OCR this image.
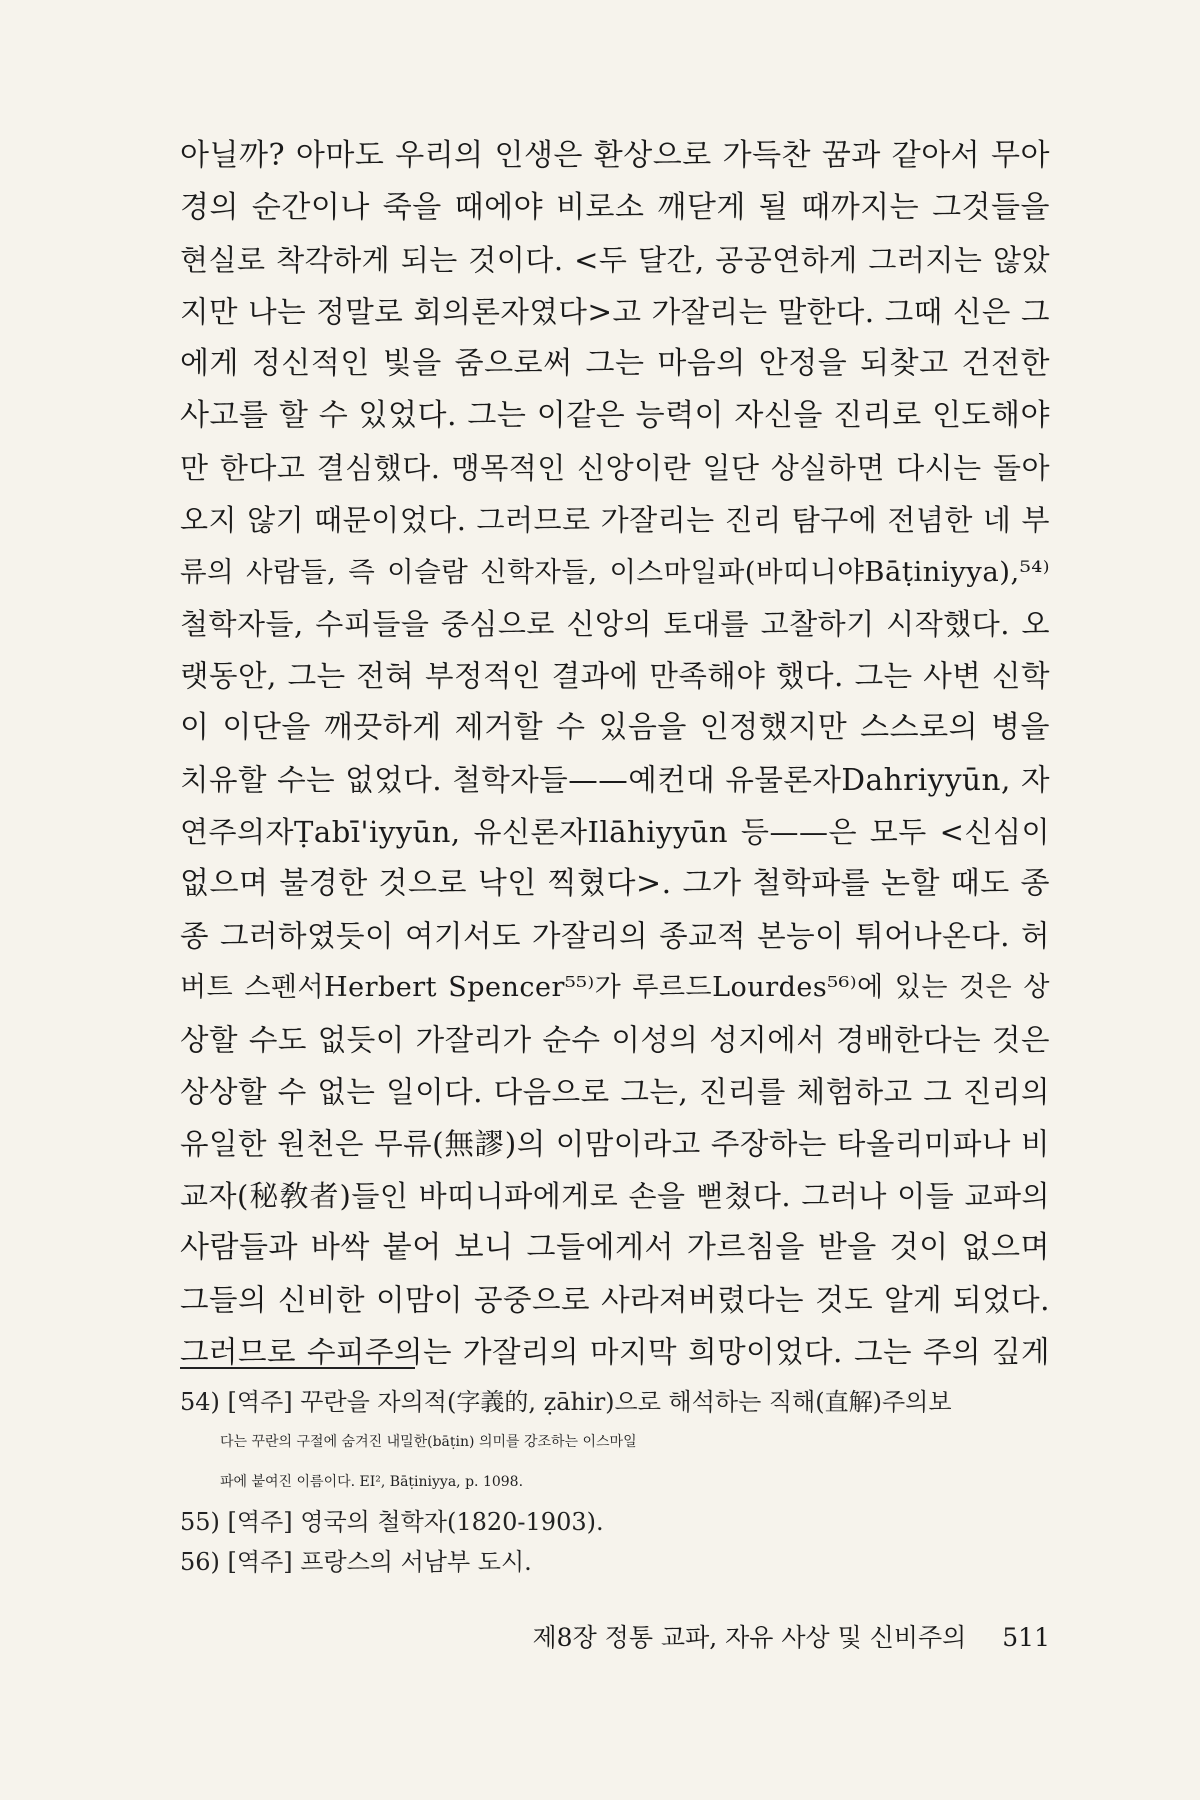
아닐까? 아마도 우리의 인생은 환상으로 가득찬 꿈과 같아서 무아
경의 순간이나 죽을 때에야 비로소 깨닫게 될 때까지는 그것들을
현실로 착각하게 되는 것이다. <두 달간, 공공연하게 그러지는 않았
지만 나는 정말로 회의론자였다>고 가잘리는 말한다. 그때 신은 그
에게 정신적인 빛을 줌으로써 그는 마음의 안정을 되찾고 건전한
사고를 할 수 있었다. 그는 이같은 능력이 자신을 진리로 인도해야
만 한다고 결심했다. 맹목적인 신앙이란 일단 상실하면 다시는 돌아
오지 않기 때문이었다. 그러므로 가잘리는 진리 탐구에 전념한 네 부
류의 사람들, 즉 이슬람 신학자들, 이스마일파(바띠니야Bāṭiniyya),⁵⁴⁾
철학자들, 수피들을 중심으로 신앙의 토대를 고찰하기 시작했다. 오
랫동안, 그는 전혀 부정적인 결과에 만족해야 했다. 그는 사변 신학
이 이단을 깨끗하게 제거할 수 있음을 인정했지만 스스로의 병을
치유할 수는 없었다. 철학자들——예컨대 유물론자Dahriyyūn, 자
연주의자Ṭabī'iyyūn, 유신론자Ilāhiyyūn 등——은 모두 <신심이
없으며 불경한 것으로 낙인 찍혔다>. 그가 철학파를 논할 때도 종
종 그러하였듯이 여기서도 가잘리의 종교적 본능이 튀어나온다. 허
버트 스펜서Herbert Spencer⁵⁵⁾가 루르드Lourdes⁵⁶⁾에 있는 것은 상
상할 수도 없듯이 가잘리가 순수 이성의 성지에서 경배한다는 것은
상상할 수 없는 일이다. 다음으로 그는, 진리를 체험하고 그 진리의
유일한 원천은 무류(無謬)의 이맘이라고 주장하는 타올리미파나 비
교자(秘敎者)들인 바띠니파에게로 손을 뻗쳤다. 그러나 이들 교파의
사람들과 바싹 붙어 보니 그들에게서 가르침을 받을 것이 없으며
그들의 신비한 이맘이 공중으로 사라져버렸다는 것도 알게 되었다.
그러므로 수피주의는 가잘리의 마지막 희망이었다. 그는 주의 깊게
54) [역주] 꾸란을 자의적(字義的, ẓāhir)으로 해석하는 직해(直解)주의보
다는 꾸란의 구절에 숨겨진 내밀한(bāṭin) 의미를 강조하는 이스마일
파에 붙여진 이름이다. EI², Bāṭiniyya, p. 1098.
55) [역주] 영국의 철학자(1820-1903).
56) [역주] 프랑스의 서남부 도시.
제8장 정통 교파, 자유 사상 및 신비주의 511
